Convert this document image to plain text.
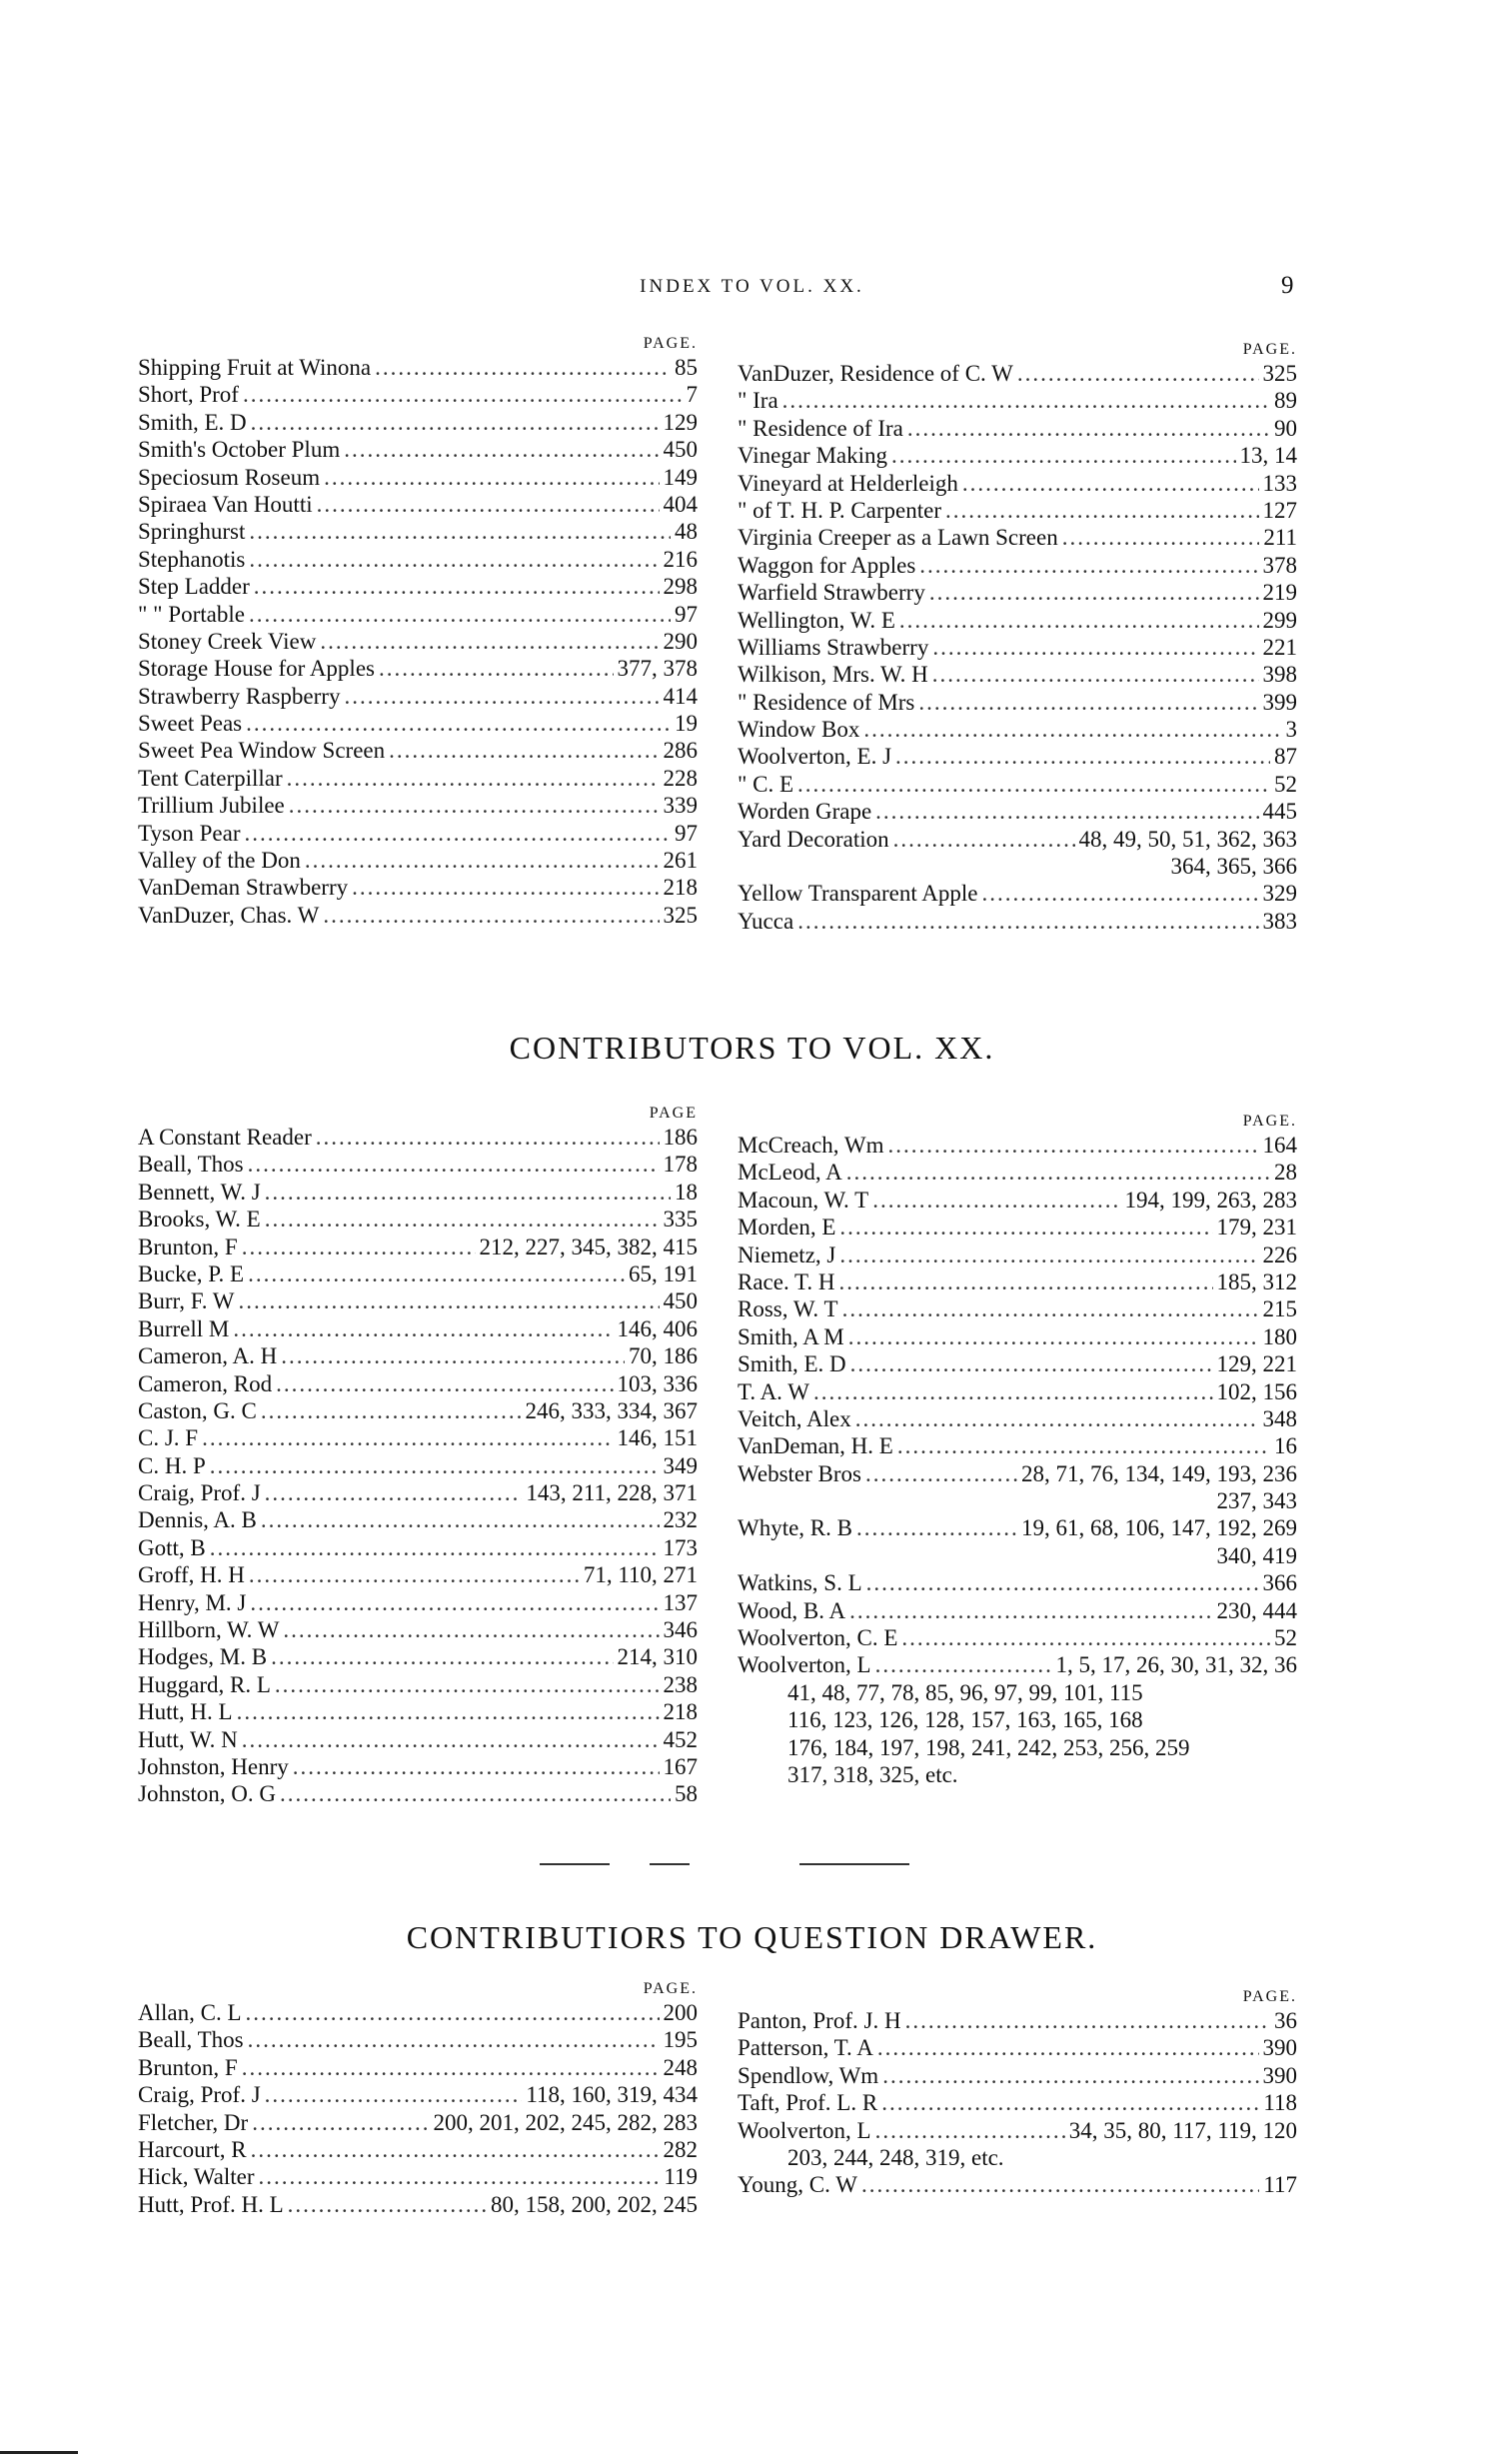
INDEX TO VOL. XX.	9
PAGE.
Shipping Fruit at Winona .....	85
Short, Prof .....	7
Smith, E. D .....	129
Smith's October Plum .....	450
Speciosum Roseum .....	149
Spiraea Van Houtti .....	404
Springhurst .....	48
Stephanotis .....	216
Step Ladder .....	298
" " Portable .....	97
Stoney Creek View .....	290
Storage House for Apples .....	377, 378
Strawberry Raspberry .....	414
Sweet Peas .....	19
Sweet Pea Window Screen .....	286
Tent Caterpillar .....	228
Trillium Jubilee .....	339
Tyson Pear .....	97
Valley of the Don .....	261
VanDeman Strawberry .....	218
VanDuzer, Chas. W .....	325
PAGE.
VanDuzer, Residence of C. W .....	325
" Ira .....	89
" Residence of Ira .....	90
Vinegar Making .....	13, 14
Vineyard at Helderleigh .....	133
" of T. H. P. Carpenter .....	127
Virginia Creeper as a Lawn Screen .....	211
Waggon for Apples .....	378
Warfield Strawberry .....	219
Wellington, W. E .....	299
Williams Strawberry .....	221
Wilkison, Mrs. W. H .....	398
" Residence of Mrs .....	399
Window Box .....	3
Woolverton, E. J .....	87
" C. E .....	52
Worden Grape .....	445
Yard Decoration .....	48, 49, 50, 51, 362, 363
364, 365, 366
Yellow Transparent Apple .....	329
Yucca .....	383
CONTRIBUTORS TO VOL. XX.
PAGE
A Constant Reader .....	186
Beall, Thos .....	178
Bennett, W. J .....	18
Brooks, W. E .....	335
Brunton, F .....	212, 227, 345, 382, 415
Bucke, P. E .....	65, 191
Burr, F. W .....	450
Burrell M .....	146, 406
Cameron, A. H .....	70, 186
Cameron, Rod .....	103, 336
Caston, G. C .....	246, 333, 334, 367
C. J. F .....	146, 151
C. H. P .....	349
Craig, Prof. J .....	143, 211, 228, 371
Dennis, A. B .....	232
Gott, B .....	173
Groff, H. H .....	71, 110, 271
Henry, M. J .....	137
Hillborn, W. W .....	346
Hodges, M. B .....	214, 310
Huggard, R. L .....	238
Hutt, H. L .....	218
Hutt, W. N .....	452
Johnston, Henry .....	167
Johnston, O. G .....	58
PAGE.
McCreach, Wm .....	164
McLeod, A .....	28
Macoun, W. T .....	194, 199, 263, 283
Morden, E .....	179, 231
Niemetz, J .....	226
Race. T. H .....	185, 312
Ross, W. T .....	215
Smith, A M .....	180
Smith, E. D .....	129, 221
T. A. W .....	102, 156
Veitch, Alex .....	348
VanDeman, H. E .....	16
Webster Bros .....	28, 71, 76, 134, 149, 193, 236
237, 343
Whyte, R. B .....	19, 61, 68, 106, 147, 192, 269
340, 419
Watkins, S. L .....	366
Wood, B. A .....	230, 444
Woolverton, C. E .....	52
Woolverton, L .....	1, 5, 17, 26, 30, 31, 32, 36
41, 48, 77, 78, 85, 96, 97, 99, 101, 115
116, 123, 126, 128, 157, 163, 165, 168
176, 184, 197, 198, 241, 242, 253, 256, 259
317, 318, 325, etc.
CONTRIBUTIORS TO QUESTION DRAWER.
PAGE.
Allan, C. L .....	200
Beall, Thos .....	195
Brunton, F .....	248
Craig, Prof. J .....	118, 160, 319, 434
Fletcher, Dr .....	200, 201, 202, 245, 282, 283
Harcourt, R .....	282
Hick, Walter .....	119
Hutt, Prof. H. L .....	80, 158, 200, 202, 245
PAGE.
Panton, Prof. J. H .....	36
Patterson, T. A .....	390
Spendlow, Wm .....	390
Taft, Prof. L. R .....	118
Woolverton, L .....	34, 35, 80, 117, 119, 120
203, 244, 248, 319, etc.
Young, C. W .....	117
